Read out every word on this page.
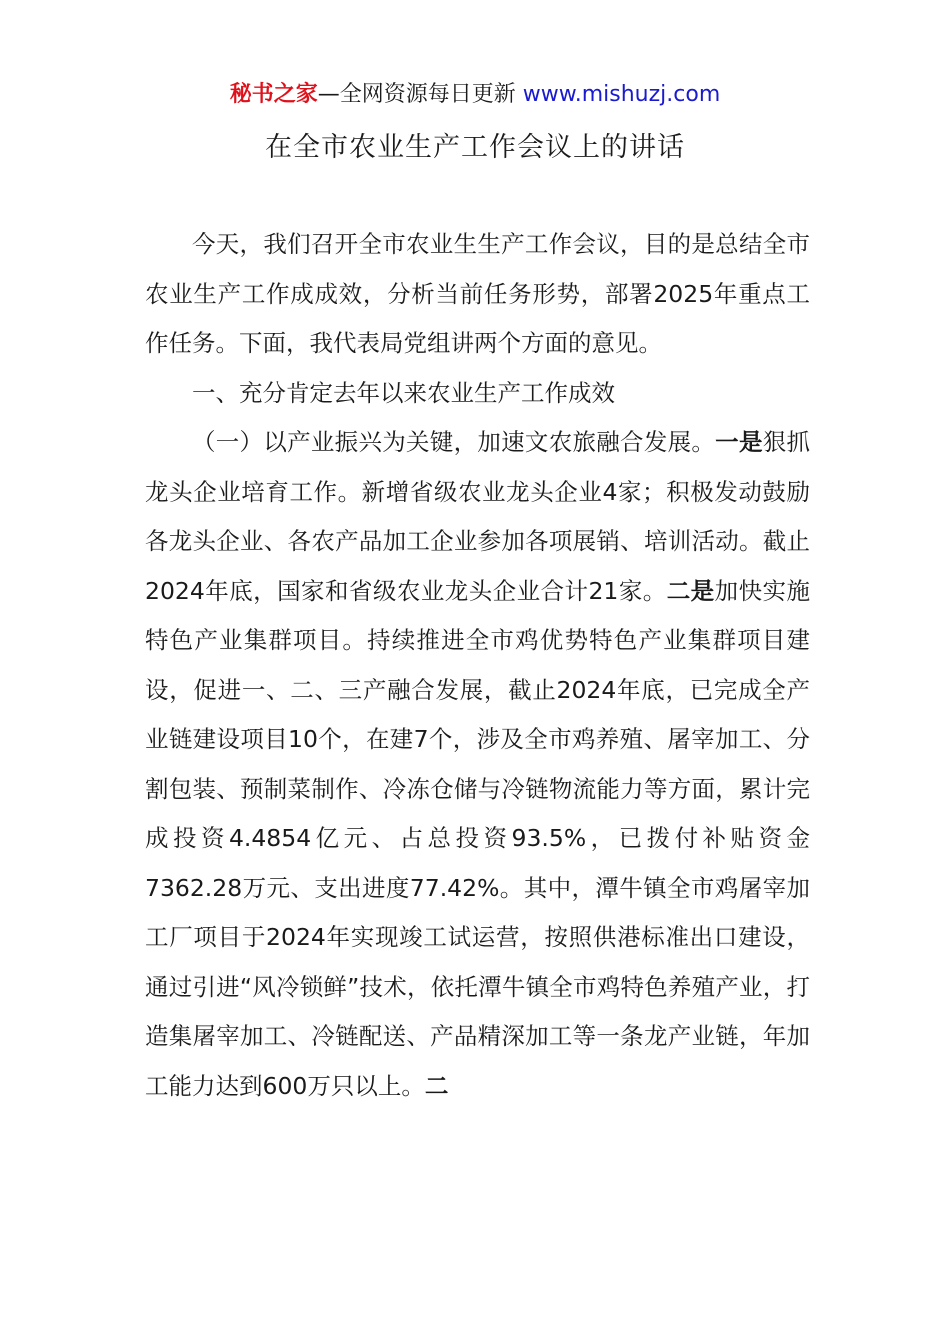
秘书之家—全网资源每日更新 www.mishuzj.com
在全市农业生产工作会议上的讲话

今天，我们召开全市农业生生产工作会议，目的是总结全市农业生产工作成成效，分析当前任务形势，部署2025年重点工作任务。下面，我代表局党组讲两个方面的意见。

一、充分肯定去年以来农业生产工作成效

（一）以产业振兴为关键，加速文农旅融合发展。一是狠抓龙头企业培育工作。新增省级农业龙头企业4家；积极发动鼓励各龙头企业、各农产品加工企业参加各项展销、培训活动。截止2024年底，国家和省级农业龙头企业合计21家。二是加快实施特色产业集群项目。持续推进全市鸡优势特色产业集群项目建设，促进一、二、三产融合发展，截止2024年底，已完成全产业链建设项目10个，在建7个，涉及全市鸡养殖、屠宰加工、分割包装、预制菜制作、冷冻仓储与冷链物流能力等方面，累计完成投资4.4854亿元、占总投资93.5%，已拨付补贴资金7362.28万元、支出进度77.42%。其中，潭牛镇全市鸡屠宰加工厂项目于2024年实现竣工试运营，按照供港标准出口建设，通过引进“风冷锁鲜”技术，依托潭牛镇全市鸡特色养殖产业，打造集屠宰加工、冷链配送、产品精深加工等一条龙产业链，年加工能力达到600万只以上。二
